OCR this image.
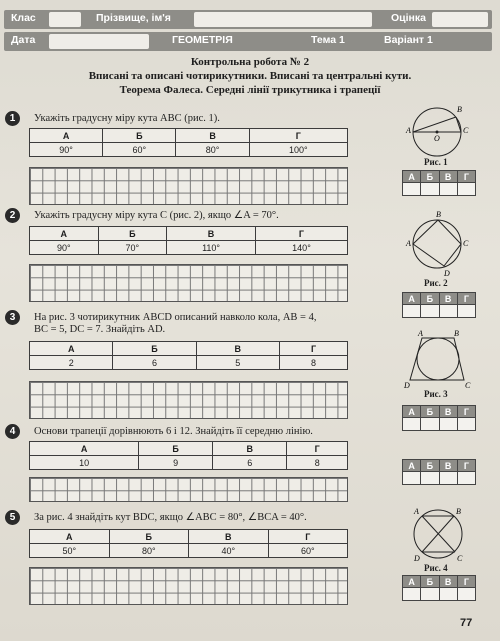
Клас	Прізвище, ім'я	Оцінка
Дата	ГЕОМЕТРІЯ	Тема 1	Варіант 1
Контрольна робота № 2
Вписані та описані чотирикутники. Вписані та центральні кути.
Теорема Фалеса. Середні лінії трикутника і трапеції
1	Укажіть градусну міру кута ABC (рис. 1).
А	Б	В	Г
90°	60°	80°	100°
2	Укажіть градусну міру кута C (рис. 2), якщо ∠A = 70°.
А	Б	В	Г
90°	70°	110°	140°
3	На рис. 3 чотирикутник ABCD описаний навколо кола, AB = 4,
BC = 5, DC = 7. Знайдіть AD.
А	Б	В	Г
2	6	5	8
4	Основи трапеції дорівнюють 6 і 12. Знайдіть її середню лінію.
А	Б	В	Г
10	9	6	8
5	За рис. 4 знайдіть кут BDC, якщо ∠ABC = 80°, ∠BCA = 40°.
А	Б	В	Г
50°	80°	40°	60°
A
B
C
O
Рис. 1
А	Б	В	Г

A
B
C
D
Рис. 2
А	Б	В	Г

A	B
C
D
Рис. 3
А	Б	В	Г

А	Б	В	Г

A	B
C
D
Рис. 4
А	Б	В	Г

77
